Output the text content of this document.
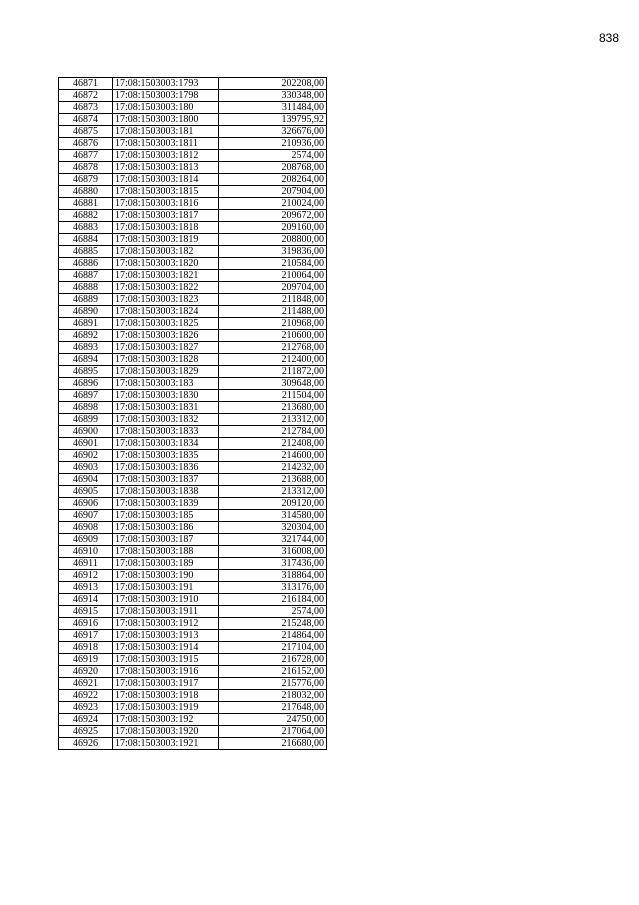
838
46871	17:08:1503003:1793	202208,00
46872	17:08:1503003:1798	330348,00
46873	17:08:1503003:180	311484,00
46874	17:08:1503003:1800	139795,92
46875	17:08:1503003:181	326676,00
46876	17:08:1503003:1811	210936,00
46877	17:08:1503003:1812	2574,00
46878	17:08:1503003:1813	208768,00
46879	17:08:1503003:1814	208264,00
46880	17:08:1503003:1815	207904,00
46881	17:08:1503003:1816	210024,00
46882	17:08:1503003:1817	209672,00
46883	17:08:1503003:1818	209160,00
46884	17:08:1503003:1819	208800,00
46885	17:08:1503003:182	319836,00
46886	17:08:1503003:1820	210584,00
46887	17:08:1503003:1821	210064,00
46888	17:08:1503003:1822	209704,00
46889	17:08:1503003:1823	211848,00
46890	17:08:1503003:1824	211488,00
46891	17:08:1503003:1825	210968,00
46892	17:08:1503003:1826	210600,00
46893	17:08:1503003:1827	212768,00
46894	17:08:1503003:1828	212400,00
46895	17:08:1503003:1829	211872,00
46896	17:08:1503003:183	309648,00
46897	17:08:1503003:1830	211504,00
46898	17:08:1503003:1831	213680,00
46899	17:08:1503003:1832	213312,00
46900	17:08:1503003:1833	212784,00
46901	17:08:1503003:1834	212408,00
46902	17:08:1503003:1835	214600,00
46903	17:08:1503003:1836	214232,00
46904	17:08:1503003:1837	213688,00
46905	17:08:1503003:1838	213312,00
46906	17:08:1503003:1839	209120,00
46907	17:08:1503003:185	314580,00
46908	17:08:1503003:186	320304,00
46909	17:08:1503003:187	321744,00
46910	17:08:1503003:188	316008,00
46911	17:08:1503003:189	317436,00
46912	17:08:1503003:190	318864,00
46913	17:08:1503003:191	313176,00
46914	17:08:1503003:1910	216184,00
46915	17:08:1503003:1911	2574,00
46916	17:08:1503003:1912	215248,00
46917	17:08:1503003:1913	214864,00
46918	17:08:1503003:1914	217104,00
46919	17:08:1503003:1915	216728,00
46920	17:08:1503003:1916	216152,00
46921	17:08:1503003:1917	215776,00
46922	17:08:1503003:1918	218032,00
46923	17:08:1503003:1919	217648,00
46924	17:08:1503003:192	24750,00
46925	17:08:1503003:1920	217064,00
46926	17:08:1503003:1921	216680,00
